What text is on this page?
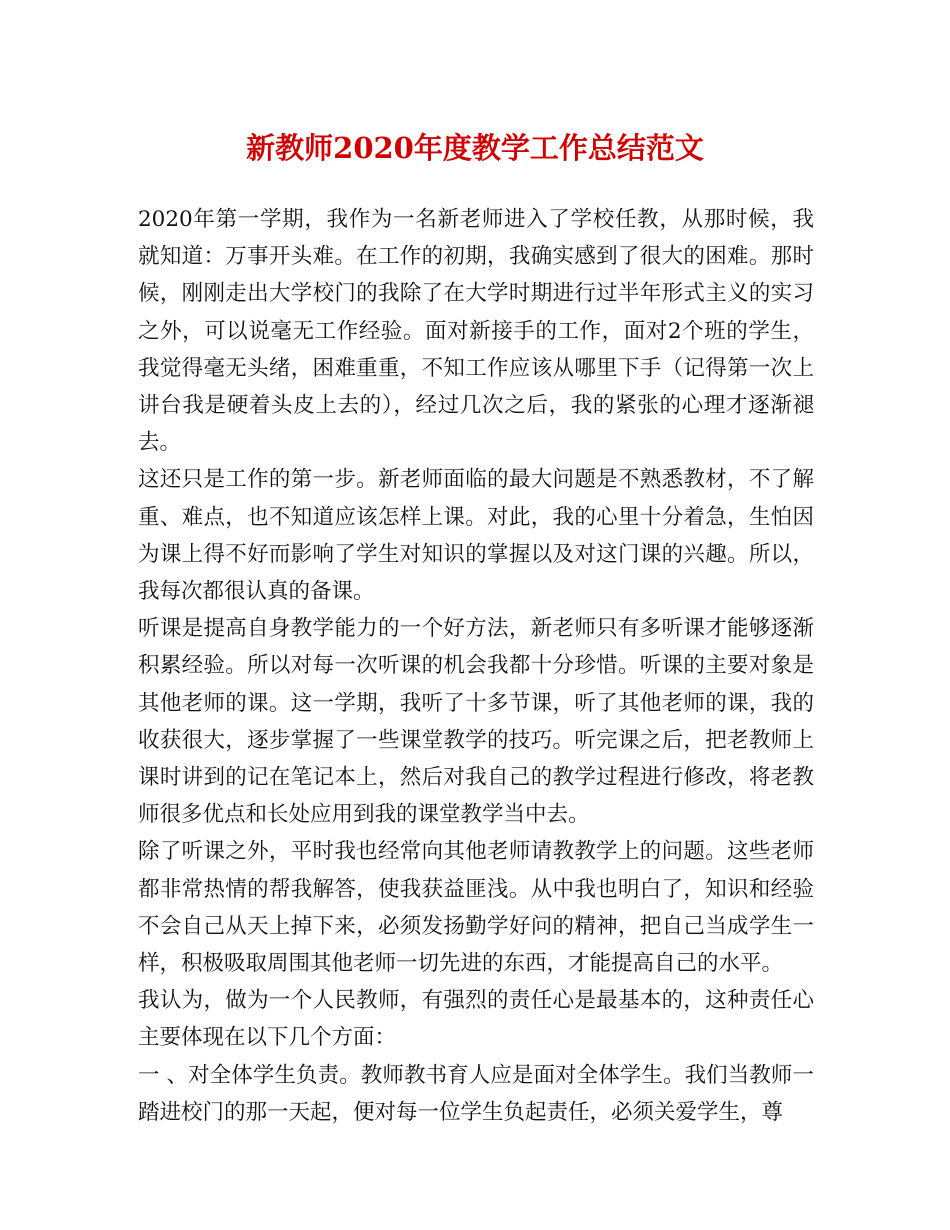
新教师2020年度教学工作总结范文

2020年第一学期，我作为一名新老师进入了学校任教，从那时候，我就知道：万事开头难。在工作的初期，我确实感到了很大的困难。那时候，刚刚走出大学校门的我除了在大学时期进行过半年形式主义的实习之外，可以说毫无工作经验。面对新接手的工作，面对2个班的学生，我觉得毫无头绪，困难重重，不知工作应该从哪里下手（记得第一次上讲台我是硬着头皮上去的），经过几次之后，我的紧张的心理才逐渐褪去。

这还只是工作的第一步。新老师面临的最大问题是不熟悉教材，不了解重、难点，也不知道应该怎样上课。对此，我的心里十分着急，生怕因为课上得不好而影响了学生对知识的掌握以及对这门课的兴趣。所以，我每次都很认真的备课。

听课是提高自身教学能力的一个好方法，新老师只有多听课才能够逐渐积累经验。所以对每一次听课的机会我都十分珍惜。听课的主要对象是其他老师的课。这一学期，我听了十多节课，听了其他老师的课，我的收获很大，逐步掌握了一些课堂教学的技巧。听完课之后，把老教师上课时讲到的记在笔记本上，然后对我自己的教学过程进行修改，将老教师很多优点和长处应用到我的课堂教学当中去。

除了听课之外，平时我也经常向其他老师请教教学上的问题。这些老师都非常热情的帮我解答，使我获益匪浅。从中我也明白了，知识和经验不会自己从天上掉下来，必须发扬勤学好问的精神，把自己当成学生一样，积极吸取周围其他老师一切先进的东西，才能提高自己的水平。

我认为，做为一个人民教师，有强烈的责任心是最基本的，这种责任心主要体现在以下几个方面：

一 、对全体学生负责。教师教书育人应是面对全体学生。我们当教师一踏进校门的那一天起，便对每一位学生负起责任，必须关爱学生，尊
